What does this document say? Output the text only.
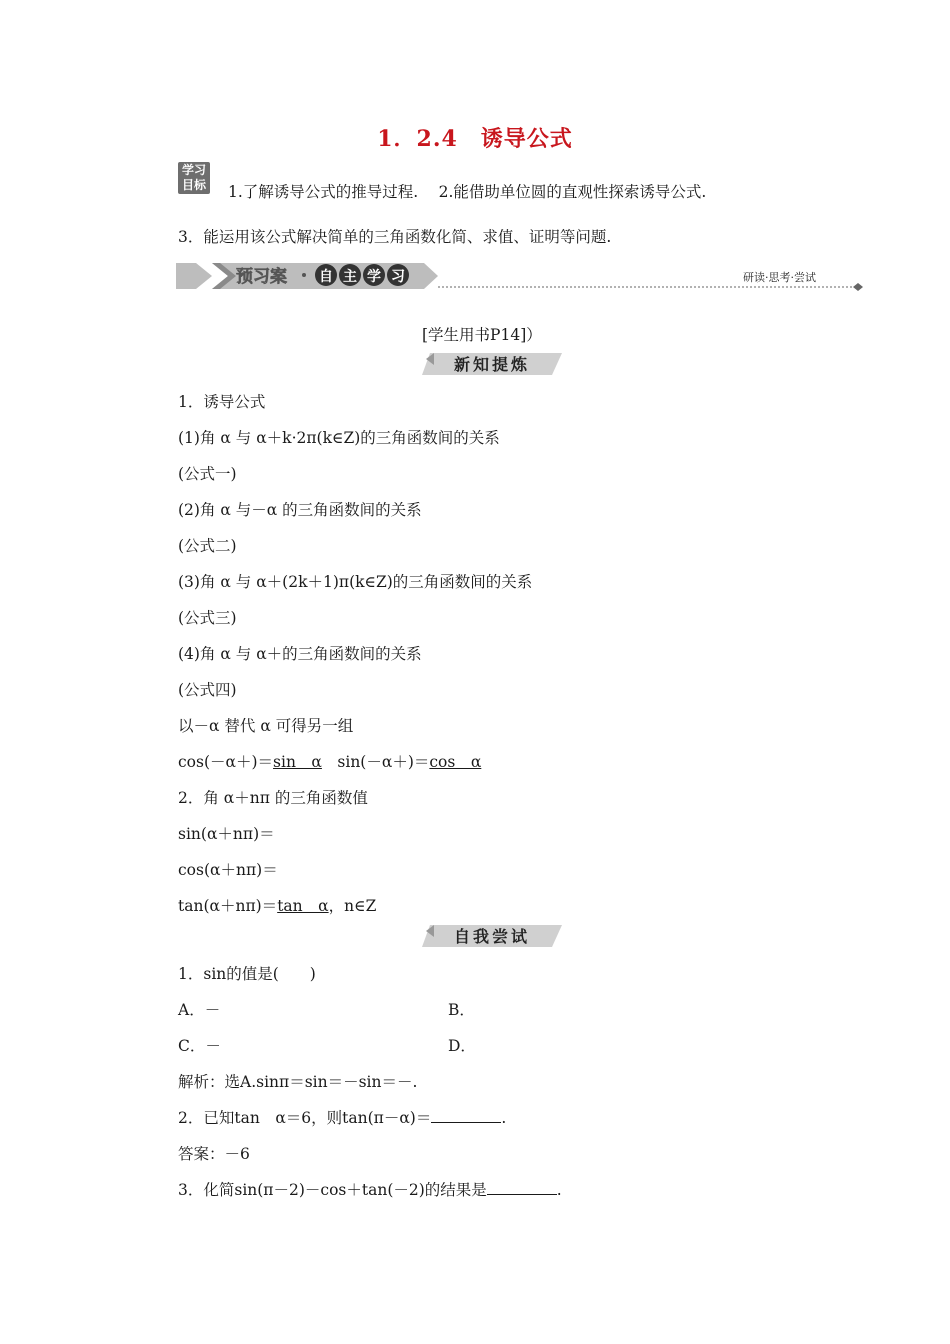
1．2.4　诱导公式
学习
目标 1.了解诱导公式的推导过程.　 2.能借助单位圆的直观性探索诱导公式.
3．能运用该公式解决简单的三角函数化简、求值、证明等问题.
预习案 自 主 学 习	研读·思考·尝试
[学生用书P14]）
新知提炼
1．诱导公式
(1)角 α 与 α＋k·2π(k∈Z)的三角函数间的关系
(公式一)
(2)角 α 与－α 的三角函数间的关系
(公式二)
(3)角 α 与 α＋(2k＋1)π(k∈Z)的三角函数间的关系
(公式三)
(4)角 α 与 α＋的三角函数间的关系
(公式四)
以－α 替代 α 可得另一组
cos(－α＋)＝sin　α　sin(－α＋)＝cos　α
2．角 α＋nπ 的三角函数值
sin(α＋nπ)＝
cos(α＋nπ)＝
tan(α＋nπ)＝tan　α，n∈Z
自我尝试
1．sin的值是(　　)
A．－	B．
C．－	D．
解析：选A.sinπ＝sin＝－sin＝－.
2．已知tan　α＝6，则tan(π－α)＝	.
答案：－6
3．化简sin(π－2)－cos＋tan(－2)的结果是	.
